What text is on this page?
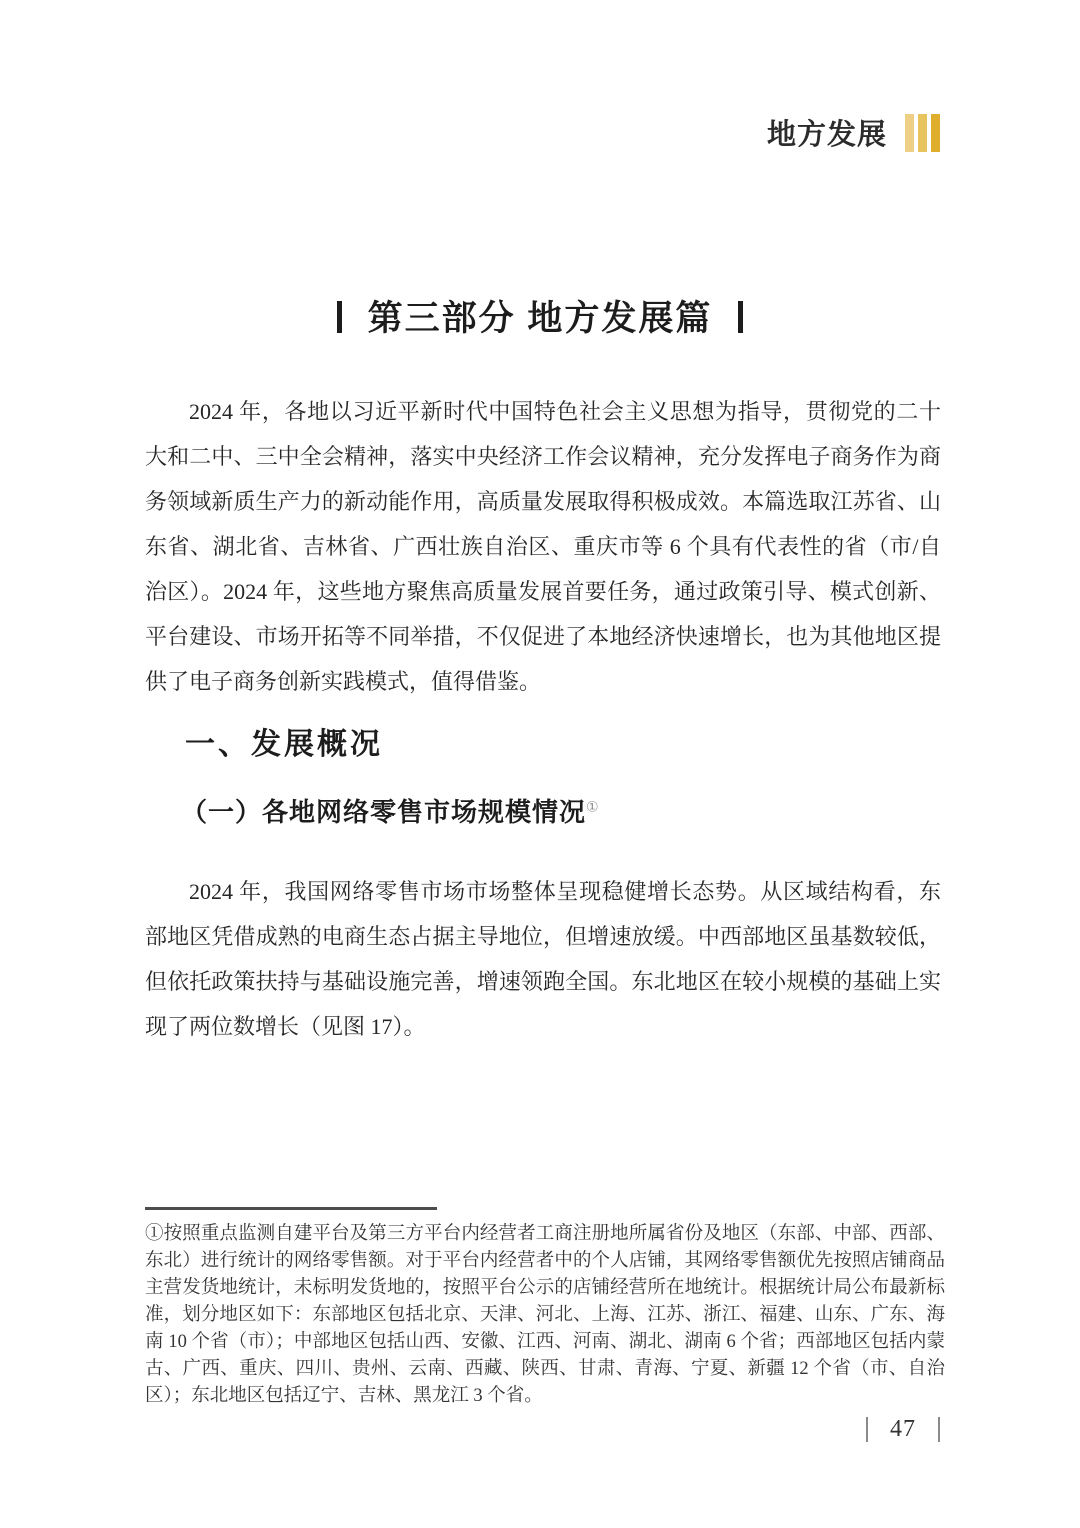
地方发展
第三部分 地方发展篇

2024 年，各地以习近平新时代中国特色社会主义思想为指导，贯彻党的二十大和二中、三中全会精神，落实中央经济工作会议精神，充分发挥电子商务作为商务领域新质生产力的新动能作用，高质量发展取得积极成效。本篇选取江苏省、山东省、湖北省、吉林省、广西壮族自治区、重庆市等 6 个具有代表性的省（市/自治区）。2024 年，这些地方聚焦高质量发展首要任务，通过政策引导、模式创新、平台建设、市场开拓等不同举措，不仅促进了本地经济快速增长，也为其他地区提供了电子商务创新实践模式，值得借鉴。

一、发展概况
（一）各地网络零售市场规模情况①

2024 年，我国网络零售市场市场整体呈现稳健增长态势。从区域结构看，东部地区凭借成熟的电商生态占据主导地位，但增速放缓。中西部地区虽基数较低，但依托政策扶持与基础设施完善，增速领跑全国。东北地区在较小规模的基础上实现了两位数增长（见图 17）。

①按照重点监测自建平台及第三方平台内经营者工商注册地所属省份及地区（东部、中部、西部、东北）进行统计的网络零售额。对于平台内经营者中的个人店铺，其网络零售额优先按照店铺商品主营发货地统计，未标明发货地的，按照平台公示的店铺经营所在地统计。根据统计局公布最新标准，划分地区如下：东部地区包括北京、天津、河北、上海、江苏、浙江、福建、山东、广东、海南 10 个省（市）；中部地区包括山西、安徽、江西、河南、湖北、湖南 6 个省；西部地区包括内蒙古、广西、重庆、四川、贵州、云南、西藏、陕西、甘肃、青海、宁夏、新疆 12 个省（市、自治区）；东北地区包括辽宁、吉林、黑龙江 3 个省。

47
